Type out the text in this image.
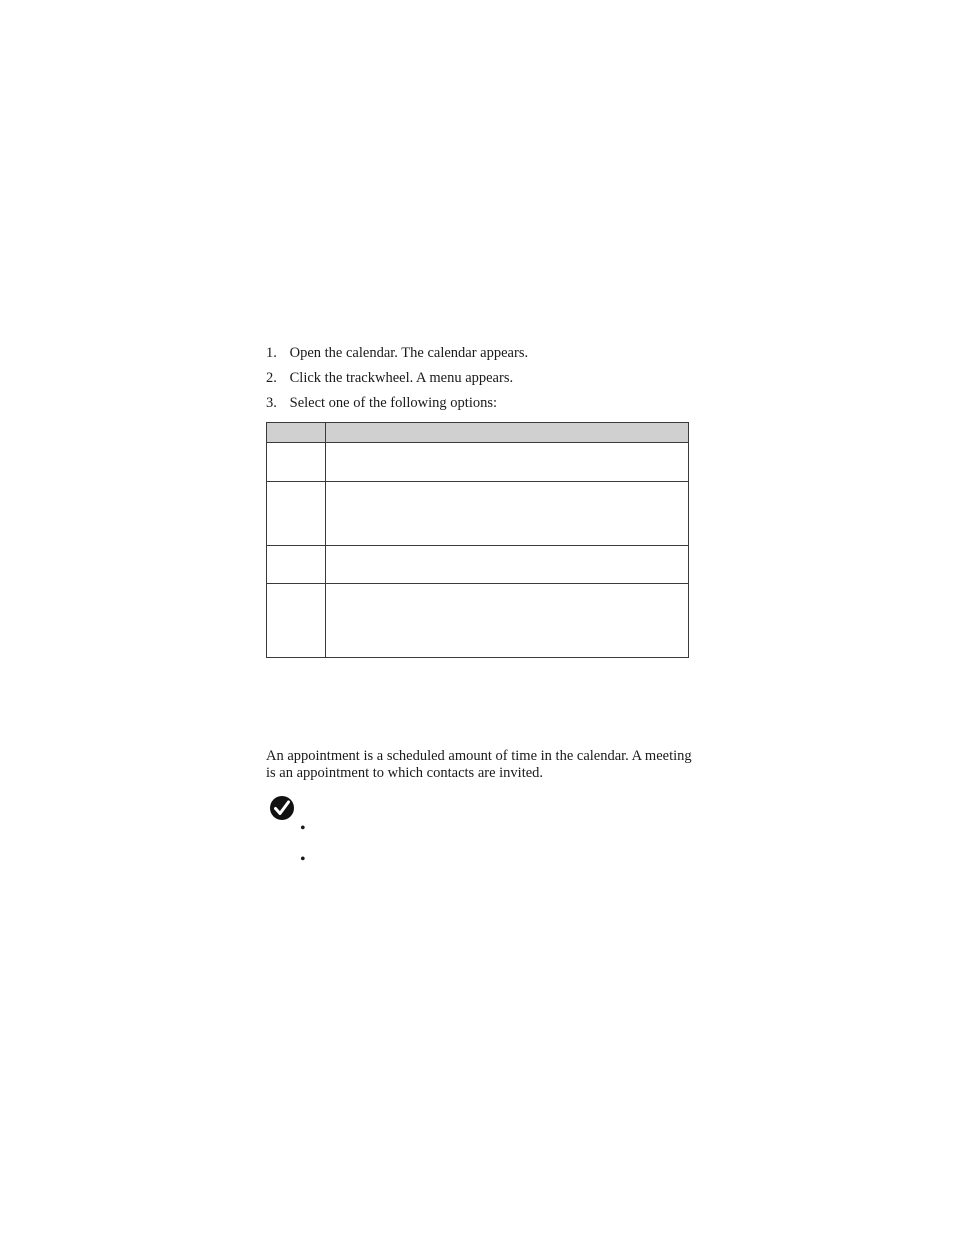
1. Open the calendar. The calendar appears.
2. Click the trackwheel. A menu appears.
3. Select one of the following options:

An appointment is a scheduled amount of time in the calendar. A meeting is an appointment to which contacts are invited.

•
•
